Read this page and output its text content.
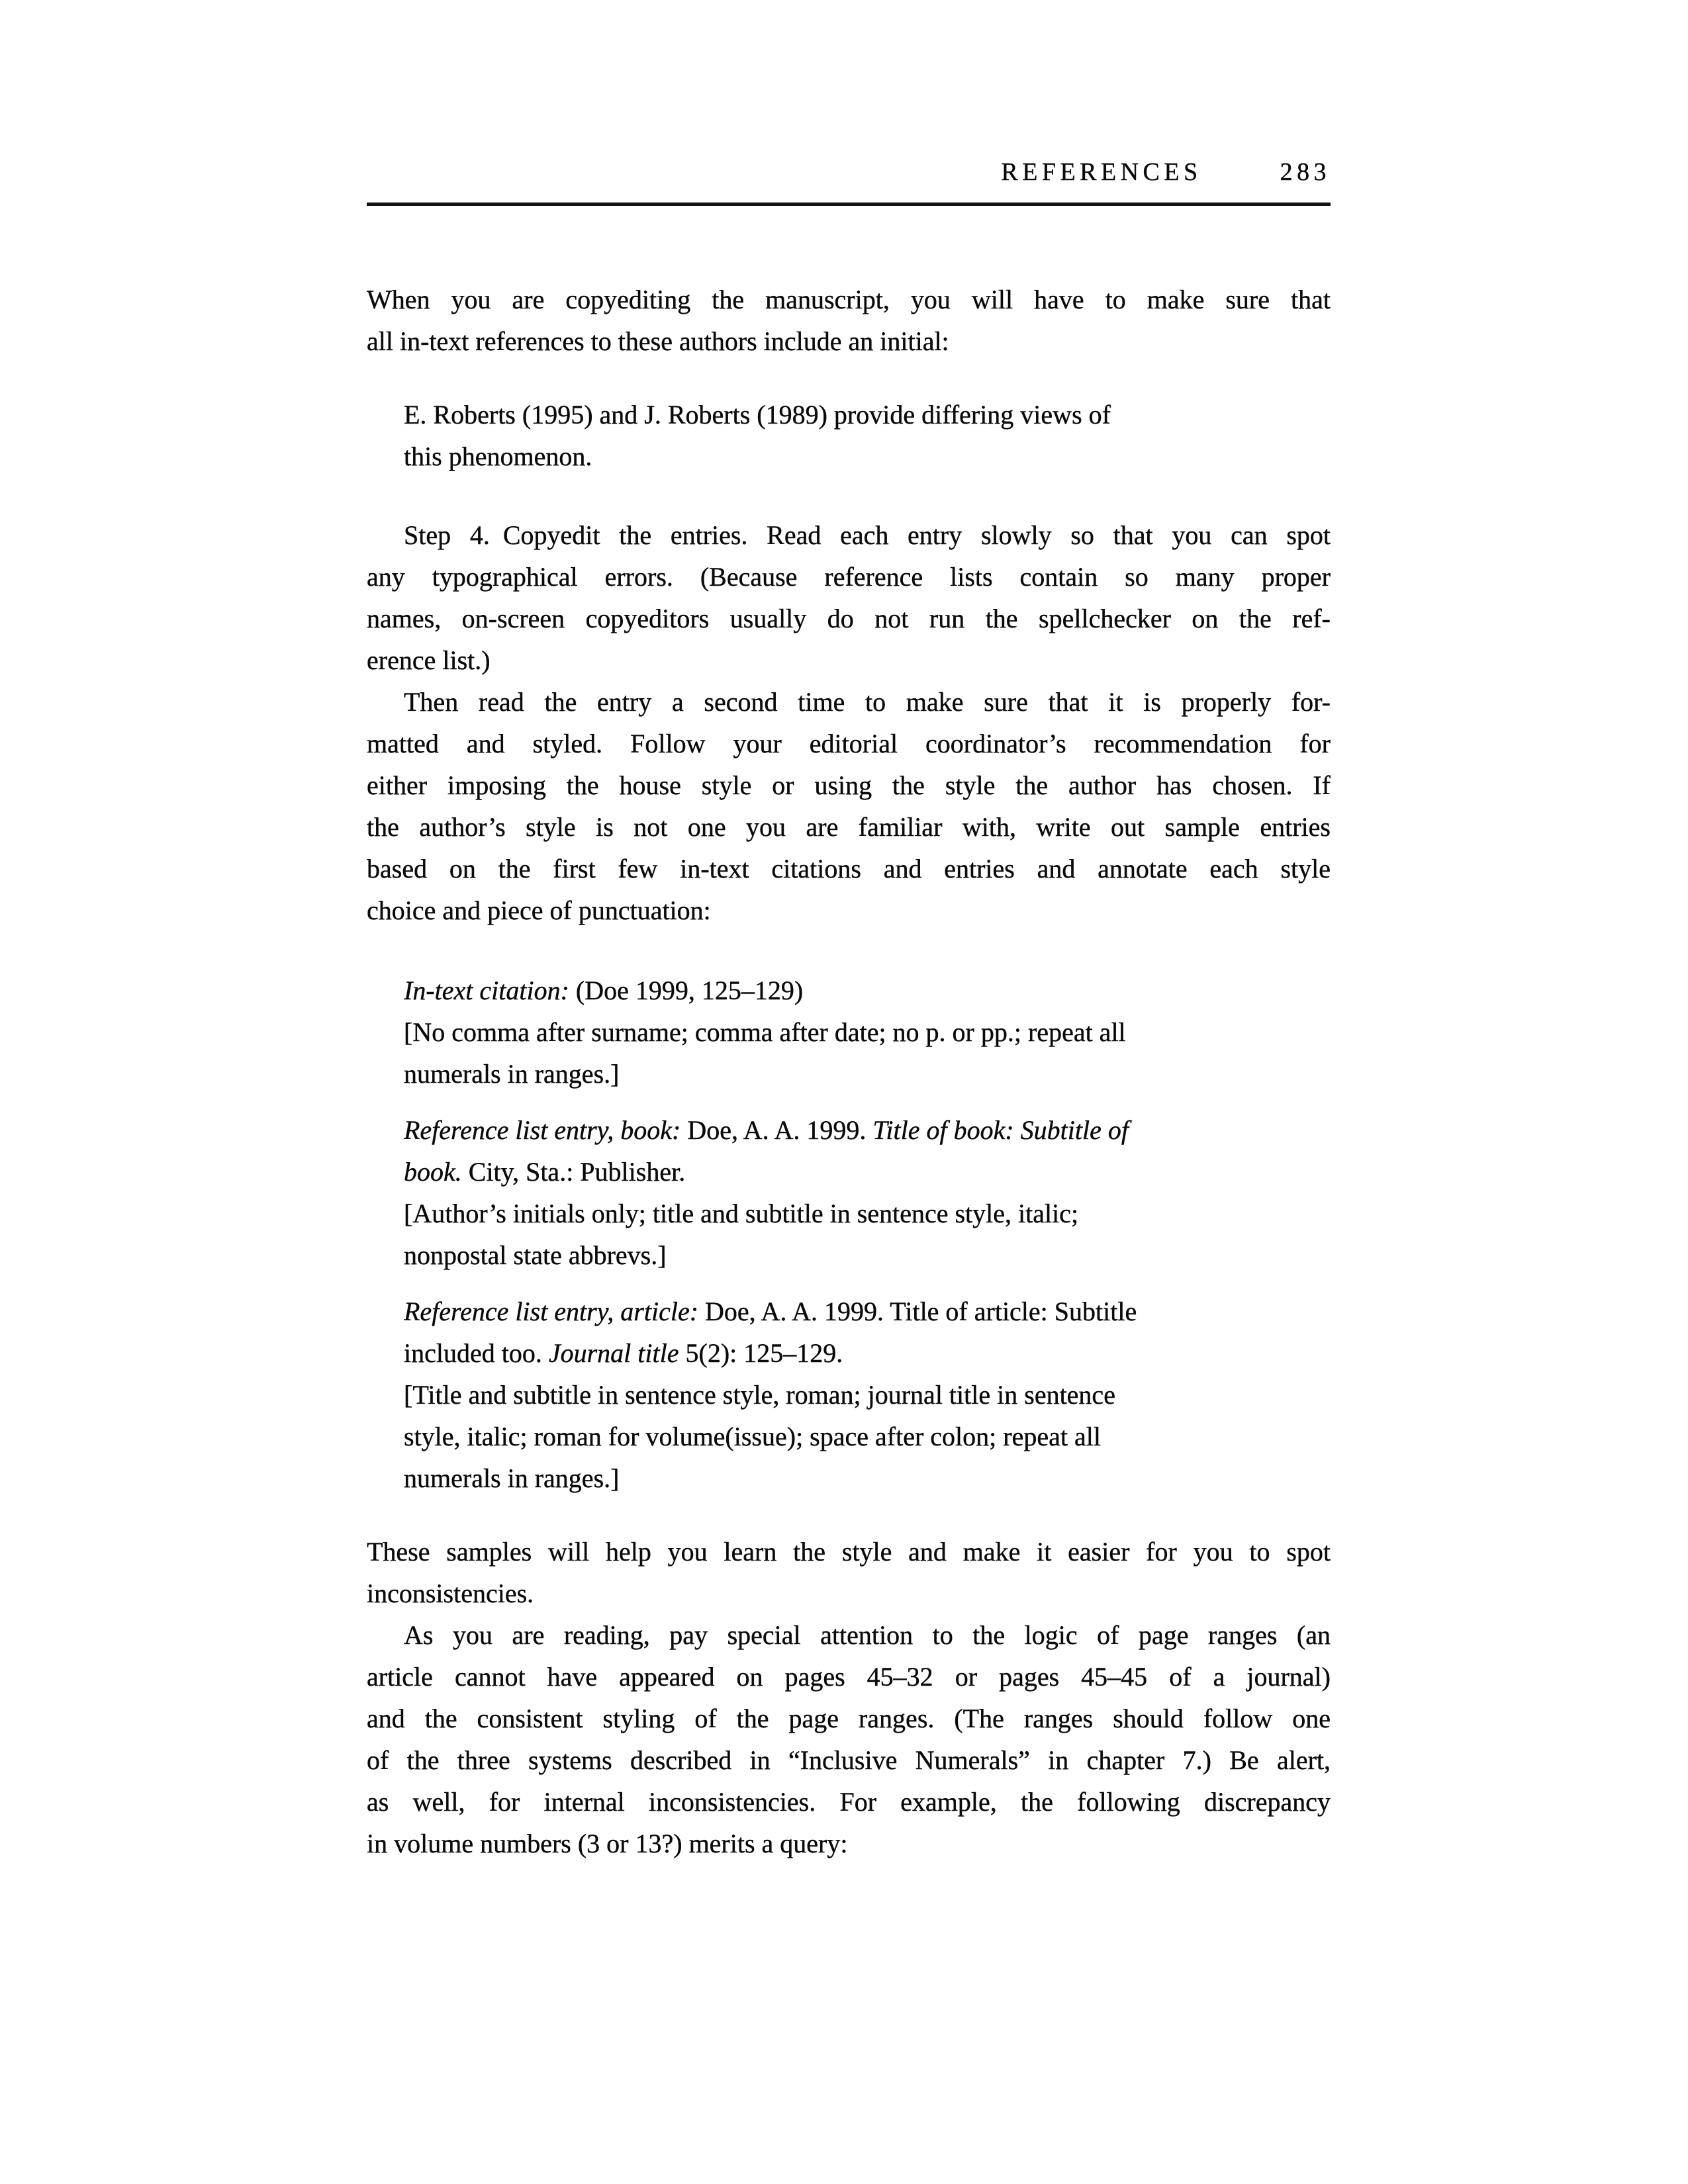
REFERENCES	283
When you are copyediting the manuscript, you will have to make sure that
all in-text references to these authors include an initial:
E. Roberts (1995) and J. Roberts (1989) provide differing views of
this phenomenon.
Step 4. Copyedit the entries. Read each entry slowly so that you can spot
any typographical errors. (Because reference lists contain so many proper
names, on-screen copyeditors usually do not run the spellchecker on the ref-
erence list.)
Then read the entry a second time to make sure that it is properly for-
matted and styled. Follow your editorial coordinator’s recommendation for
either imposing the house style or using the style the author has chosen. If
the author’s style is not one you are familiar with, write out sample entries
based on the first few in-text citations and entries and annotate each style
choice and piece of punctuation:
In-text citation: (Doe 1999, 125–129)
[No comma after surname; comma after date; no p. or pp.; repeat all
numerals in ranges.]
Reference list entry, book: Doe, A. A. 1999. Title of book: Subtitle of
book. City, Sta.: Publisher.
[Author’s initials only; title and subtitle in sentence style, italic;
nonpostal state abbrevs.]
Reference list entry, article: Doe, A. A. 1999. Title of article: Subtitle
included too. Journal title 5(2): 125–129.
[Title and subtitle in sentence style, roman; journal title in sentence
style, italic; roman for volume(issue); space after colon; repeat all
numerals in ranges.]
These samples will help you learn the style and make it easier for you to spot
inconsistencies.
As you are reading, pay special attention to the logic of page ranges (an
article cannot have appeared on pages 45–32 or pages 45–45 of a journal)
and the consistent styling of the page ranges. (The ranges should follow one
of the three systems described in “Inclusive Numerals” in chapter 7.) Be alert,
as well, for internal inconsistencies. For example, the following discrepancy
in volume numbers (3 or 13?) merits a query:
